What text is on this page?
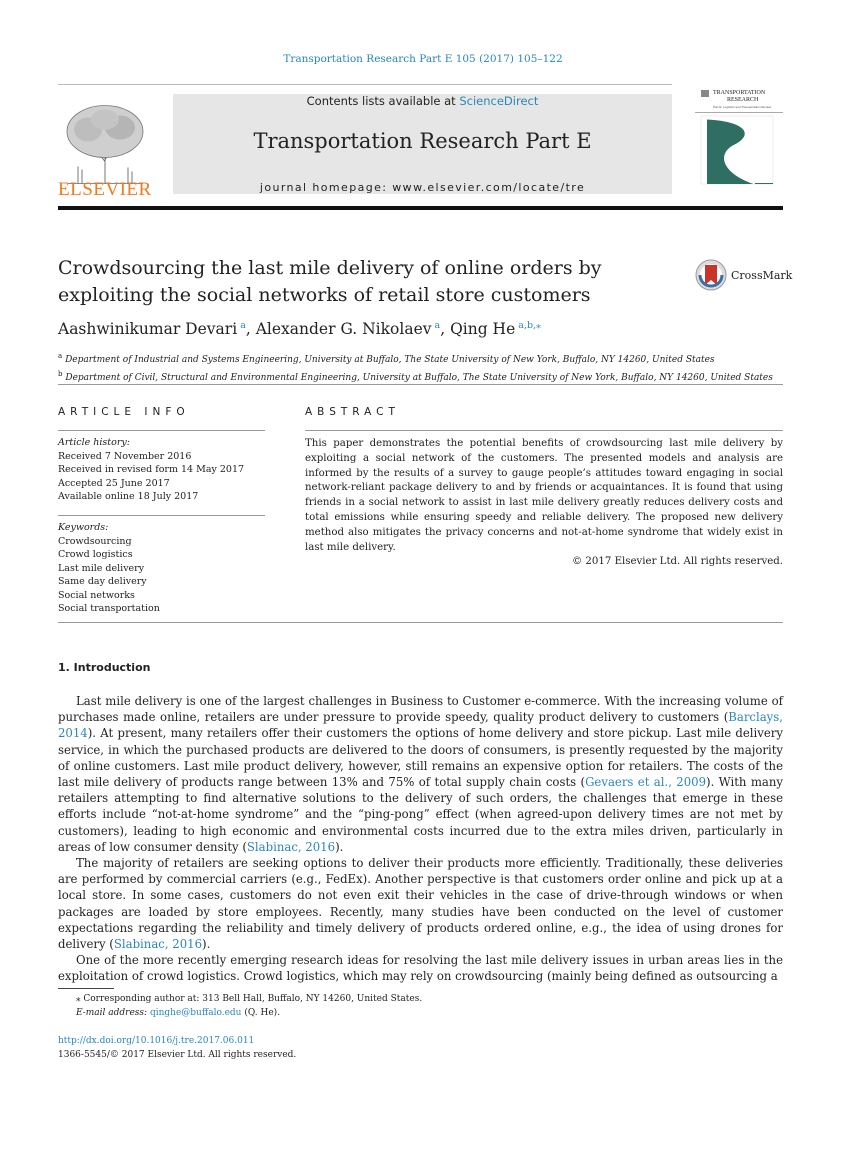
Transportation Research Part E 105 (2017) 105–122
ELSEVIER
Contents lists available at ScienceDirect
Transportation Research Part E
journal homepage: www.elsevier.com/locate/tre
TRANSPORTATION
RESEARCH
Part E: Logistics and Transportation Review
Crowdsourcing the last mile delivery of online orders by exploiting the social networks of retail store customers
CrossMark
Aashwinikumar Devari $^a$, Alexander G. Nikolaev $^a$, Qing He $^{a,b,⁎}$
$^a$ Department of Industrial and Systems Engineering, University at Buffalo, The State University of New York, Buffalo, NY 14260, United States
$^b$ Department of Civil, Structural and Environmental Engineering, University at Buffalo, The State University of New York, Buffalo, NY 14260, United States
ARTICLE INFO
Article history:
Received 7 November 2016
Received in revised form 14 May 2017
Accepted 25 June 2017
Available online 18 July 2017
Keywords:
Crowdsourcing
Crowd logistics
Last mile delivery
Same day delivery
Social networks
Social transportation
ABSTRACT
This paper demonstrates the potential benefits of crowdsourcing last mile delivery by exploiting a social network of the customers. The presented models and analysis are informed by the results of a survey to gauge people’s attitudes toward engaging in social network-reliant package delivery to and by friends or acquaintances. It is found that using friends in a social network to assist in last mile delivery greatly reduces delivery costs and total emissions while ensuring speedy and reliable delivery. The proposed new delivery method also mitigates the privacy concerns and not-at-home syndrome that widely exist in last mile delivery.
© 2017 Elsevier Ltd. All rights reserved.
1. Introduction

Last mile delivery is one of the largest challenges in Business to Customer e-commerce. With the increasing volume of purchases made online, retailers are under pressure to provide speedy, quality product delivery to customers (Barclays, 2014). At present, many retailers offer their customers the options of home delivery and store pickup. Last mile delivery service, in which the purchased products are delivered to the doors of consumers, is presently requested by the majority of online customers. Last mile product delivery, however, still remains an expensive option for retailers. The costs of the last mile delivery of products range between 13% and 75% of total supply chain costs (Gevaers et al., 2009). With many retailers attempting to find alternative solutions to the delivery of such orders, the challenges that emerge in these efforts include “not-at-home syndrome” and the “ping-pong” effect (when agreed-upon delivery times are not met by customers), leading to high economic and environmental costs incurred due to the extra miles driven, particularly in areas of low consumer density (Slabinac, 2016).

The majority of retailers are seeking options to deliver their products more efficiently. Traditionally, these deliveries are performed by commercial carriers (e.g., FedEx). Another perspective is that customers order online and pick up at a local store. In some cases, customers do not even exit their vehicles in the case of drive-through windows or when packages are loaded by store employees. Recently, many studies have been conducted on the level of customer expectations regarding the reliability and timely delivery of products ordered online, e.g., the idea of using drones for delivery (Slabinac, 2016).

One of the more recently emerging research ideas for resolving the last mile delivery issues in urban areas lies in the exploitation of crowd logistics. Crowd logistics, which may rely on crowdsourcing (mainly being defined as outsourcing a

⁎ Corresponding author at: 313 Bell Hall, Buffalo, NY 14260, United States.
E-mail address: qinghe@buffalo.edu (Q. He).
http://dx.doi.org/10.1016/j.tre.2017.06.011
1366-5545/© 2017 Elsevier Ltd. All rights reserved.
